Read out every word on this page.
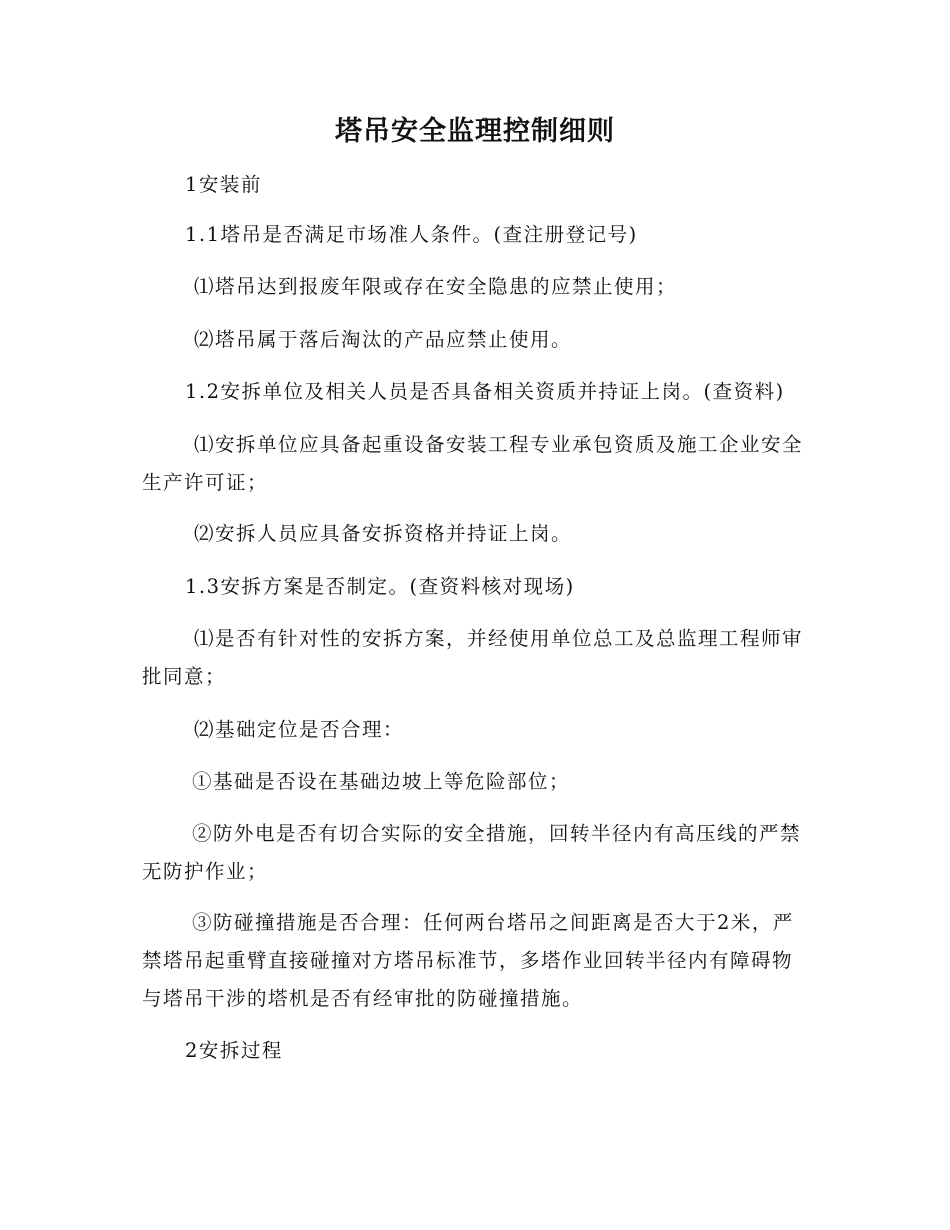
塔吊安全监理控制细则

1安装前

1.1塔吊是否满足市场准人条件。(查注册登记号)

⑴塔吊达到报废年限或存在安全隐患的应禁止使用；

⑵塔吊属于落后淘汰的产品应禁止使用。

1.2安拆单位及相关人员是否具备相关资质并持证上岗。(查资料)

⑴安拆单位应具备起重设备安装工程专业承包资质及施工企业安全生产许可证；

⑵安拆人员应具备安拆资格并持证上岗。

1.3安拆方案是否制定。(查资料核对现场)

⑴是否有针对性的安拆方案，并经使用单位总工及总监理工程师审批同意；

⑵基础定位是否合理：

①基础是否设在基础边坡上等危险部位；

②防外电是否有切合实际的安全措施，回转半径内有高压线的严禁无防护作业；

③防碰撞措施是否合理：任何两台塔吊之间距离是否大于2米，严禁塔吊起重臂直接碰撞对方塔吊标准节，多塔作业回转半径内有障碍物与塔吊干涉的塔机是否有经审批的防碰撞措施。

2安拆过程
